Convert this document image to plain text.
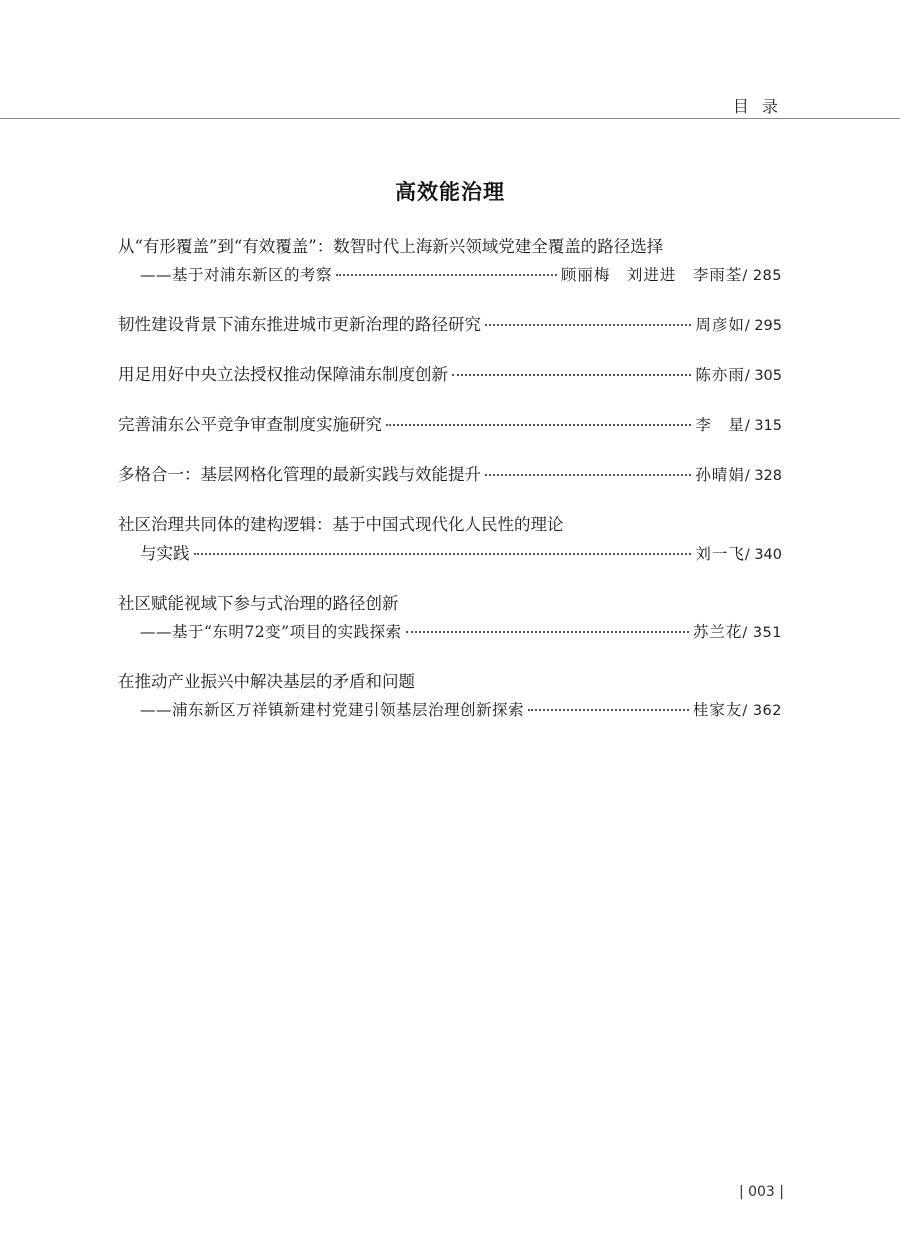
目 录
高效能治理
从“有形覆盖”到“有效覆盖”：数智时代上海新兴领域党建全覆盖的路径选择
——基于对浦东新区的考察	顾丽梅　刘进进　李雨荃 / 285
韧性建设背景下浦东推进城市更新治理的路径研究	周彦如 / 295
用足用好中央立法授权推动保障浦东制度创新	陈亦雨 / 305
完善浦东公平竞争审查制度实施研究	李　星 / 315
多格合一：基层网格化管理的最新实践与效能提升	孙晴娟 / 328
社区治理共同体的建构逻辑：基于中国式现代化人民性的理论
与实践	刘一飞 / 340
社区赋能视域下参与式治理的路径创新
——基于“东明72变”项目的实践探索	苏兰花 / 351
在推动产业振兴中解决基层的矛盾和问题
——浦东新区万祥镇新建村党建引领基层治理创新探索	桂家友 / 362
| 003 |
